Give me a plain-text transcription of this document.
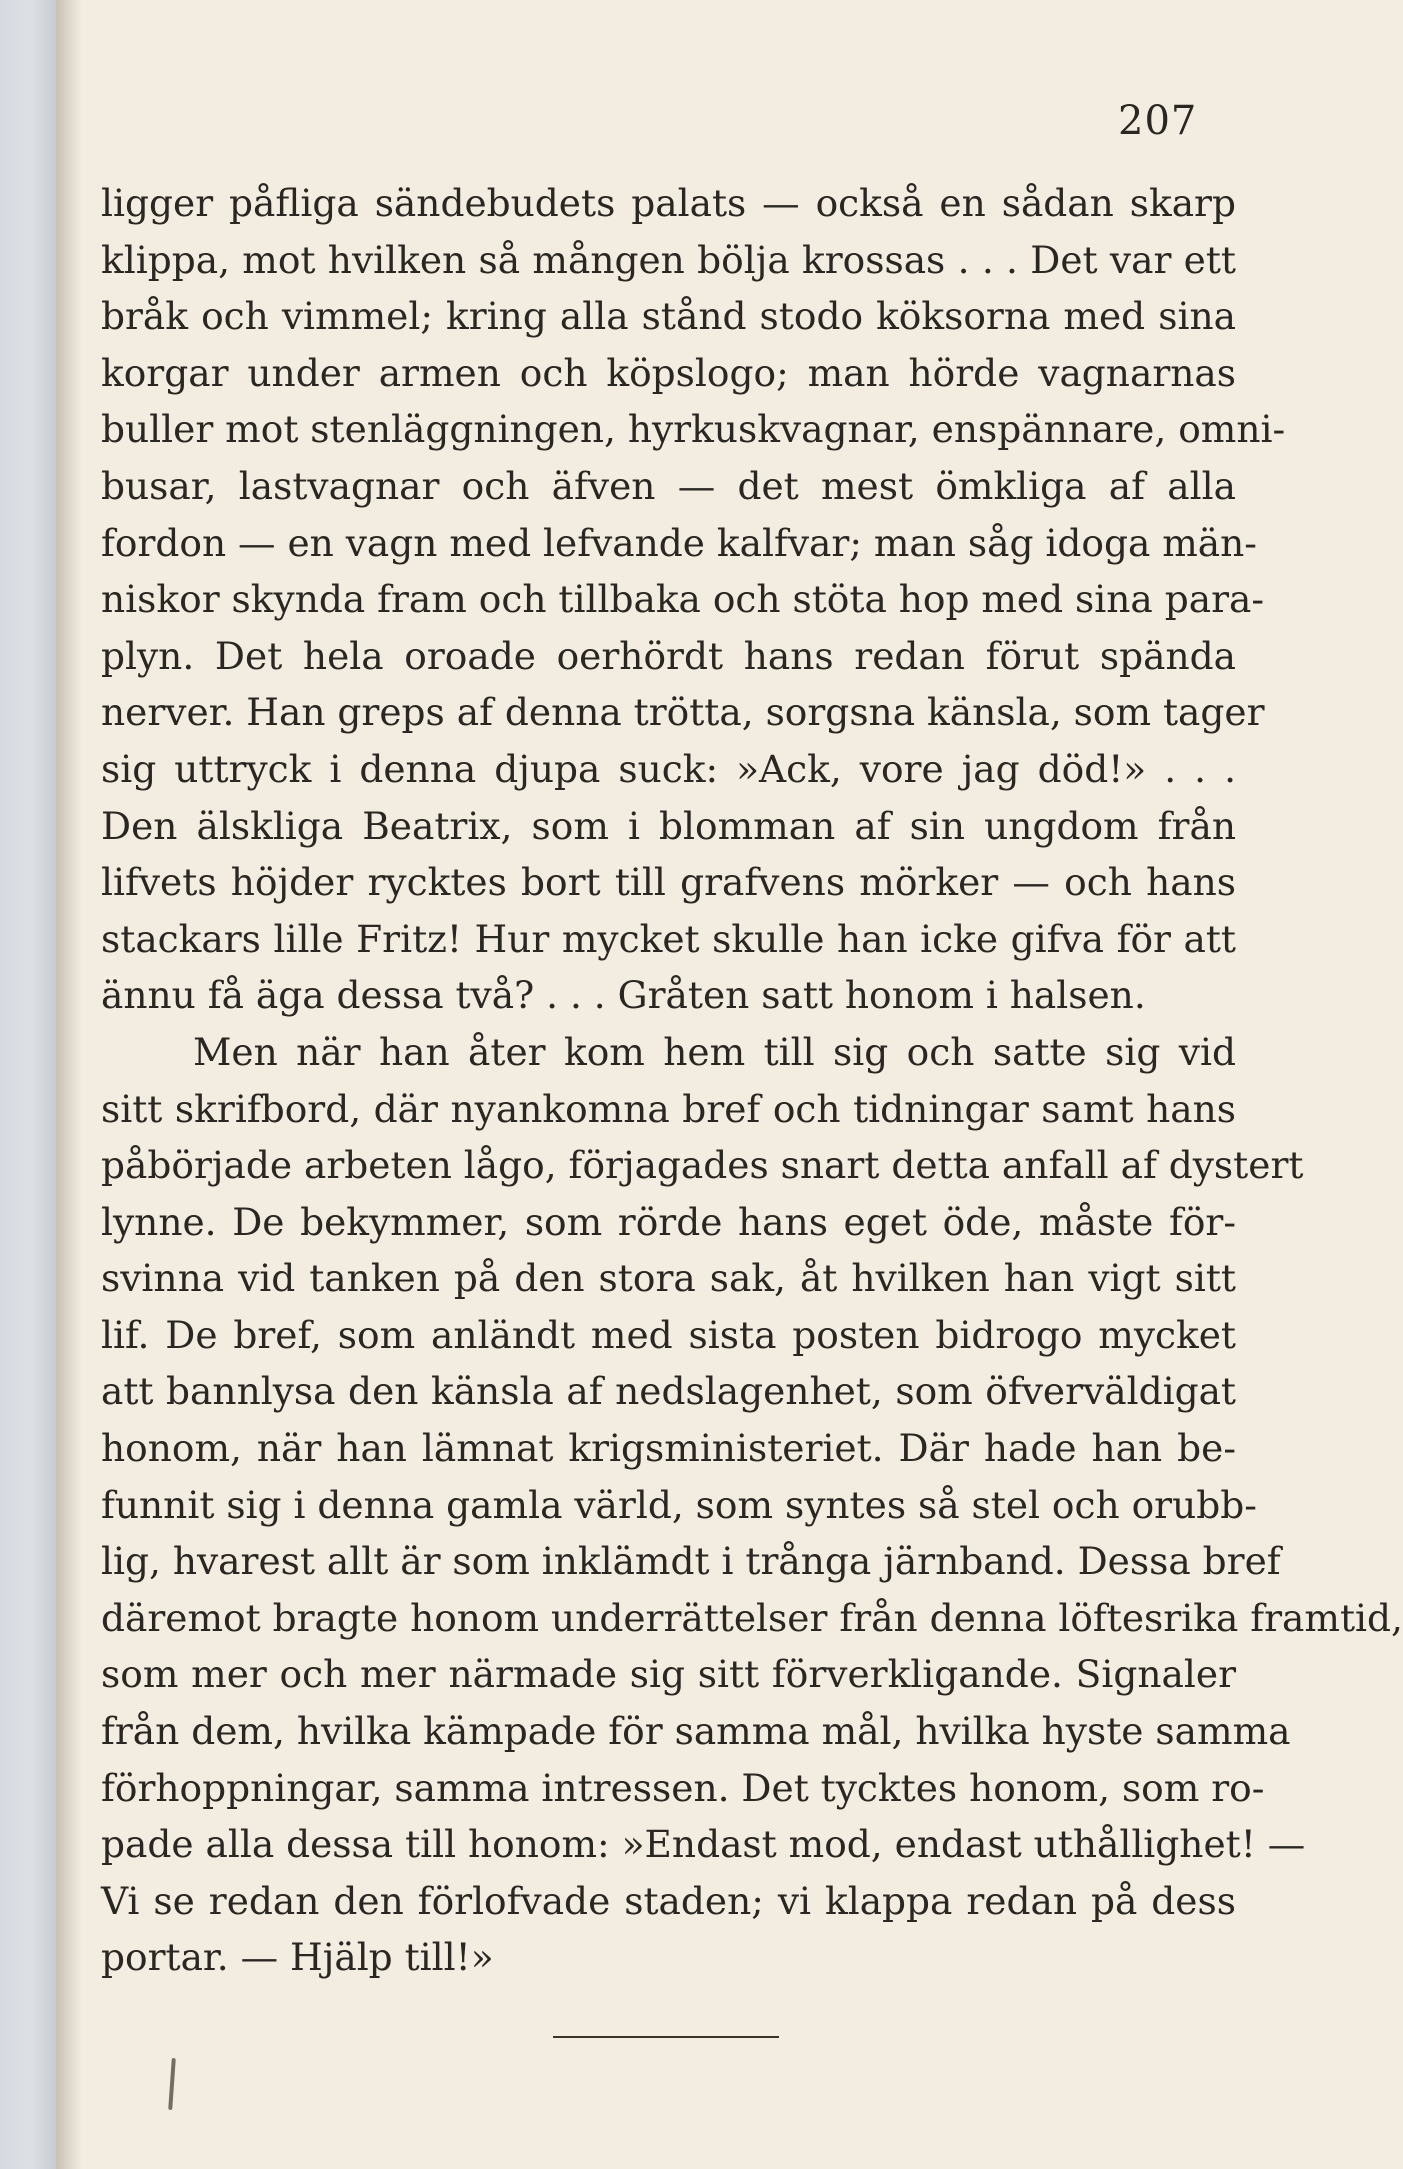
207
ligger påfliga sändebudets palats — också en sådan skarp
klippa, mot hvilken så mången bölja krossas . . . Det var ett
bråk och vimmel; kring alla stånd stodo köksorna med sina
korgar under armen och köpslogo; man hörde vagnarnas
buller mot stenläggningen, hyrkuskvagnar, enspännare, omni-
busar, lastvagnar och äfven — det mest ömkliga af alla
fordon — en vagn med lefvande kalfvar; man såg idoga män-
niskor skynda fram och tillbaka och stöta hop med sina para-
plyn. Det hela oroade oerhördt hans redan förut spända
nerver. Han greps af denna trötta, sorgsna känsla, som tager
sig uttryck i denna djupa suck: »Ack, vore jag död!» . . .
Den älskliga Beatrix, som i blomman af sin ungdom från
lifvets höjder rycktes bort till grafvens mörker — och hans
stackars lille Fritz! Hur mycket skulle han icke gifva för att
ännu få äga dessa två? . . . Gråten satt honom i halsen.
Men när han åter kom hem till sig och satte sig vid
sitt skrifbord, där nyankomna bref och tidningar samt hans
påbörjade arbeten lågo, förjagades snart detta anfall af dystert
lynne. De bekymmer, som rörde hans eget öde, måste för-
svinna vid tanken på den stora sak, åt hvilken han vigt sitt
lif. De bref, som anländt med sista posten bidrogo mycket
att bannlysa den känsla af nedslagenhet, som öfverväldigat
honom, när han lämnat krigsministeriet. Där hade han be-
funnit sig i denna gamla värld, som syntes så stel och orubb-
lig, hvarest allt är som inklämdt i trånga järnband. Dessa bref
däremot bragte honom underrättelser från denna löftesrika framtid,
som mer och mer närmade sig sitt förverkligande. Signaler
från dem, hvilka kämpade för samma mål, hvilka hyste samma
förhoppningar, samma intressen. Det tycktes honom, som ro-
pade alla dessa till honom: »Endast mod, endast uthållighet! —
Vi se redan den förlofvade staden; vi klappa redan på dess
portar. — Hjälp till!»
